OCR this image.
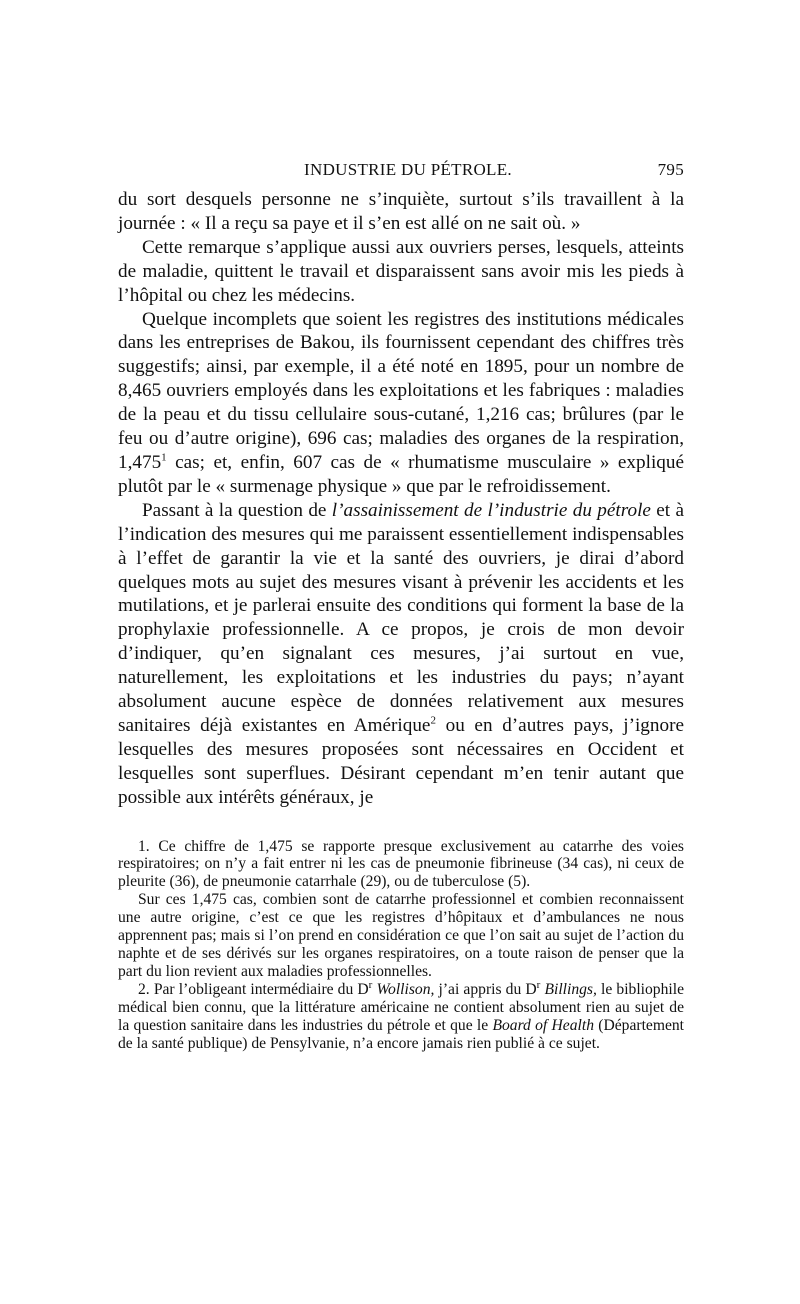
INDUSTRIE DU PÉTROLE.	795

du sort desquels personne ne s’inquiète, surtout s’ils travaillent à la journée : « Il a reçu sa paye et il s’en est allé on ne sait où. »

Cette remarque s’applique aussi aux ouvriers perses, lesquels, atteints de maladie, quittent le travail et disparaissent sans avoir mis les pieds à l’hôpital ou chez les médecins.

Quelque incomplets que soient les registres des institutions médicales dans les entreprises de Bakou, ils fournissent cependant des chiffres très suggestifs; ainsi, par exemple, il a été noté en 1895, pour un nombre de 8,465 ouvriers employés dans les exploitations et les fabriques : maladies de la peau et du tissu cellulaire sous-cutané, 1,216 cas; brûlures (par le feu ou d’autre origine), 696 cas; maladies des organes de la respiration, 1,475$^1$ cas; et, enfin, 607 cas de « rhumatisme musculaire » expliqué plutôt par le « surmenage physique » que par le refroidissement.

Passant à la question de l’assainissement de l’industrie du pétrole et à l’indication des mesures qui me paraissent essentiellement indispensables à l’effet de garantir la vie et la santé des ouvriers, je dirai d’abord quelques mots au sujet des mesures visant à prévenir les accidents et les mutilations, et je parlerai ensuite des conditions qui forment la base de la prophylaxie professionnelle. A ce propos, je crois de mon devoir d’indiquer, qu’en signalant ces mesures, j’ai surtout en vue, naturellement, les exploitations et les industries du pays; n’ayant absolument aucune espèce de données relativement aux mesures sanitaires déjà existantes en Amérique$^2$ ou en d’autres pays, j’ignore lesquelles des mesures proposées sont nécessaires en Occident et lesquelles sont superflues. Désirant cependant m’en tenir autant que possible aux intérêts généraux, je

1. Ce chiffre de 1,475 se rapporte presque exclusivement au catarrhe des voies respiratoires; on n’y a fait entrer ni les cas de pneumonie fibrineuse (34 cas), ni ceux de pleurite (36), de pneumonie catarrhale (29), ou de tuberculose (5).

Sur ces 1,475 cas, combien sont de catarrhe professionnel et combien reconnaissent une autre origine, c’est ce que les registres d’hôpitaux et d’ambulances ne nous apprennent pas; mais si l’on prend en considération ce que l’on sait au sujet de l’action du naphte et de ses dérivés sur les organes respiratoires, on a toute raison de penser que la part du lion revient aux maladies professionnelles.

2. Par l’obligeant intermédiaire du $D^r$ Wollison, j’ai appris du $D^r$ Billings, le bibliophile médical bien connu, que la littérature américaine ne contient absolument rien au sujet de la question sanitaire dans les industries du pétrole et que le Board of Health (Département de la santé publique) de Pensylvanie, n’a encore jamais rien publié à ce sujet.
